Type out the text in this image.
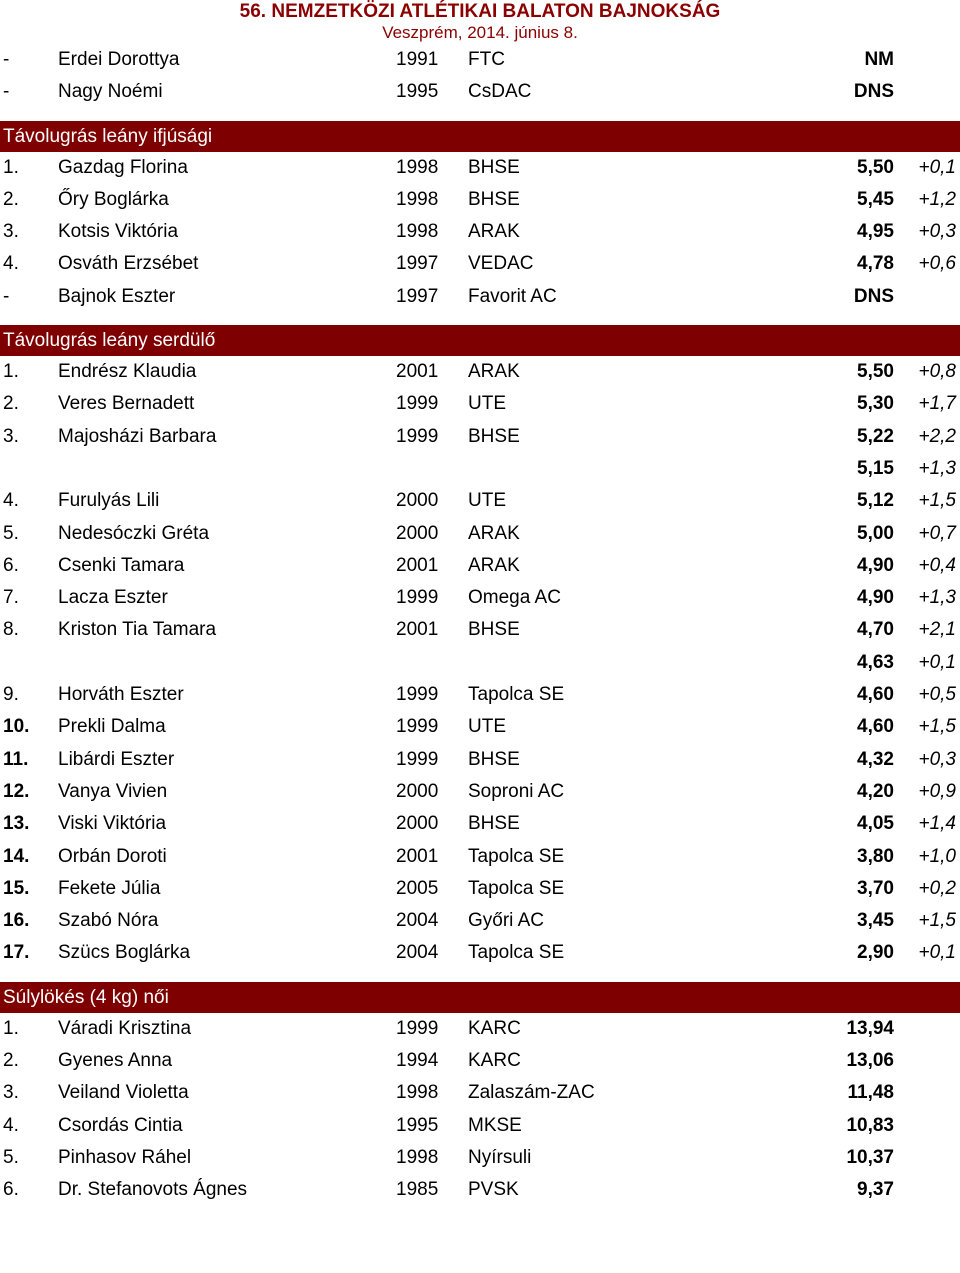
56. NEMZETKÖZI ATLÉTIKAI BALATON BAJNOKSÁG
Veszprém, 2014. június 8.
-	Erdei Dorottya	1991 FTC	NM
-	Nagy Noémi	1995 CsDAC	DNS
Távolugrás leány ifjúsági
1. Gazdag Florina	1998 BHSE	5,50 +0,1
2. Őry Boglárka	1998 BHSE	5,45 +1,2
3. Kotsis Viktória	1998 ARAK	4,95 +0,3
4. Osváth Erzsébet	1997 VEDAC	4,78 +0,6
-	Bajnok Eszter	1997 Favorit AC	DNS
Távolugrás leány serdülő
1. Endrész Klaudia	2001 ARAK	5,50 +0,8
2. Veres Bernadett	1999 UTE	5,30 +1,7
3. Majosházi Barbara	1999 BHSE	5,22 +2,2
5,15 +1,3
4. Furulyás Lili	2000 UTE	5,12 +1,5
5. Nedesóczki Gréta	2000 ARAK	5,00 +0,7
6. Csenki Tamara	2001 ARAK	4,90 +0,4
7. Lacza Eszter	1999 Omega AC	4,90 +1,3
8. Kriston Tia Tamara	2001 BHSE	4,70 +2,1
4,63 +0,1
9. Horváth Eszter	1999 Tapolca SE	4,60 +0,5
10. Prekli Dalma	1999 UTE	4,60 +1,5
11. Libárdi Eszter	1999 BHSE	4,32 +0,3
12. Vanya Vivien	2000 Soproni AC	4,20 +0,9
13. Viski Viktória	2000 BHSE	4,05 +1,4
14. Orbán Doroti	2001 Tapolca SE	3,80 +1,0
15. Fekete Júlia	2005 Tapolca SE	3,70 +0,2
16. Szabó Nóra	2004 Győri AC	3,45 +1,5
17. Szücs Boglárka	2004 Tapolca SE	2,90 +0,1
Súlylökés (4 kg) női
1. Váradi Krisztina	1999 KARC	13,94
2. Gyenes Anna	1994 KARC	13,06
3. Veiland Violetta	1998 Zalaszám-ZAC	11,48
4. Csordás Cintia	1995 MKSE	10,83
5. Pinhasov Ráhel	1998 Nyírsuli	10,37
6. Dr. Stefanovots Ágnes	1985 PVSK	9,37
